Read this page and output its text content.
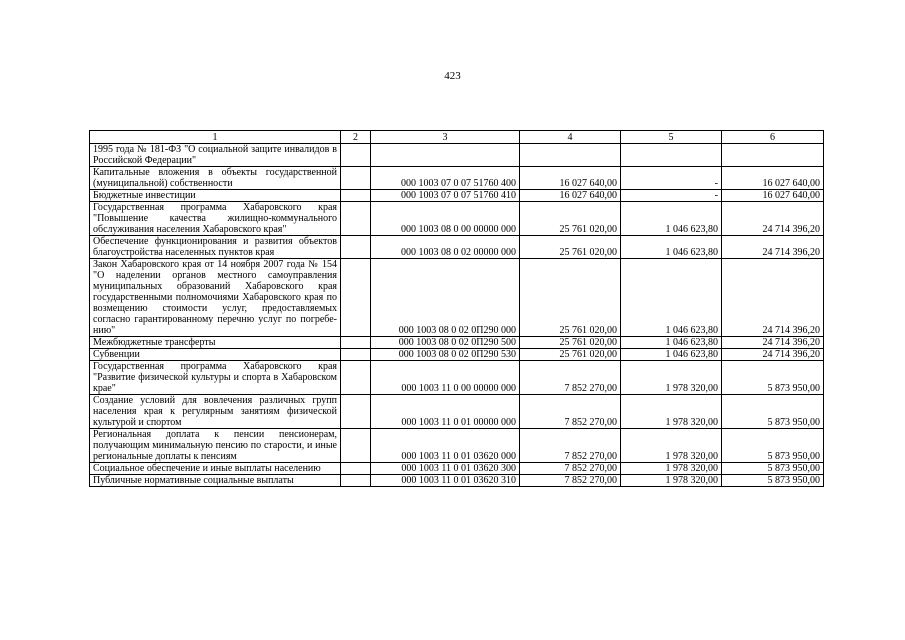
423
1	2	3	4	5	6
1995 года № 181-ФЗ "О социальной защите инвалидов в Российской Федерации"					
Капитальные вложения в объекты государственной (муниципальной) собственности		000 1003 07 0 07 51760 400	16 027 640,00	-	16 027 640,00
Бюджетные инвестиции		000 1003 07 0 07 51760 410	16 027 640,00	-	16 027 640,00
Государственная программа Хабаровского края "Повышение качества жилищно-коммунального обслуживания населения Хабаровского края"		000 1003 08 0 00 00000 000	25 761 020,00	1 046 623,80	24 714 396,20
Обеспечение функционирования и развития объектов благоустройства населенных пунктов края		000 1003 08 0 02 00000 000	25 761 020,00	1 046 623,80	24 714 396,20
Закон Хабаровского края от 14 ноября 2007 года № 154 "О наделении органов местного самоуправления муниципальных образований Хабаровского края государственными полномочиями Хабаровского края по возмещению стоимости услуг, предоставляемых согласно гарантированному перечню услуг по погребению"		000 1003 08 0 02 0П290 000	25 761 020,00	1 046 623,80	24 714 396,20
Межбюджетные трансферты		000 1003 08 0 02 0П290 500	25 761 020,00	1 046 623,80	24 714 396,20
Субвенции		000 1003 08 0 02 0П290 530	25 761 020,00	1 046 623,80	24 714 396,20
Государственная программа Хабаровского края "Развитие физической культуры и спорта в Хабаровском крае"		000 1003 11 0 00 00000 000	7 852 270,00	1 978 320,00	5 873 950,00
Создание условий для вовлечения различных групп населения края к регулярным занятиям физической культурой и спортом		000 1003 11 0 01 00000 000	7 852 270,00	1 978 320,00	5 873 950,00
Региональная доплата к пенсии пенсионерам, получающим минимальную пенсию по старости, и иные региональные доплаты к пенсиям		000 1003 11 0 01 03620 000	7 852 270,00	1 978 320,00	5 873 950,00
Социальное обеспечение и иные выплаты населению		000 1003 11 0 01 03620 300	7 852 270,00	1 978 320,00	5 873 950,00
Публичные нормативные социальные выплаты		000 1003 11 0 01 03620 310	7 852 270,00	1 978 320,00	5 873 950,00
